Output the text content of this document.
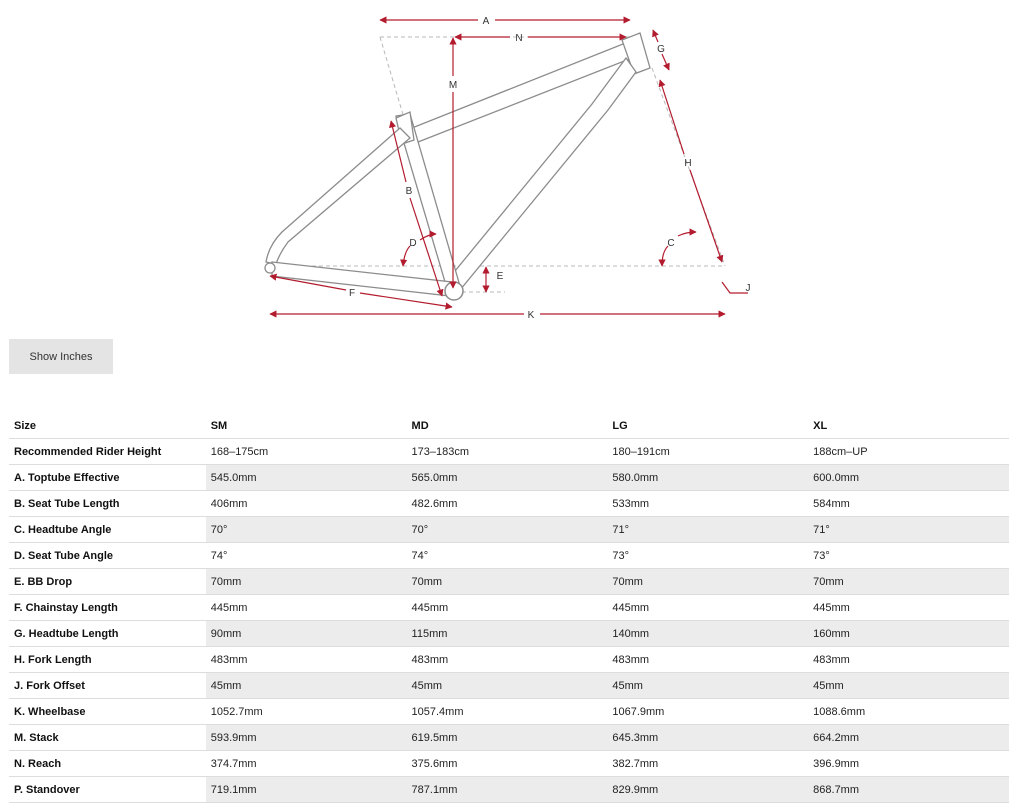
A
N
M
G
B
H
D	C
E
J
F
K
Show Inches
Size	SM	MD	LG	XL
Recommended Rider Height	168–175cm	173–183cm	180–191cm	188cm–UP
A. Toptube Effective	545.0mm	565.0mm	580.0mm	600.0mm
B. Seat Tube Length	406mm	482.6mm	533mm	584mm
C. Headtube Angle	70°	70°	71°	71°
D. Seat Tube Angle	74°	74°	73°	73°
E. BB Drop	70mm	70mm	70mm	70mm
F. Chainstay Length	445mm	445mm	445mm	445mm
G. Headtube Length	90mm	115mm	140mm	160mm
H. Fork Length	483mm	483mm	483mm	483mm
J. Fork Offset	45mm	45mm	45mm	45mm
K. Wheelbase	1052.7mm	1057.4mm	1067.9mm	1088.6mm
M. Stack	593.9mm	619.5mm	645.3mm	664.2mm
N. Reach	374.7mm	375.6mm	382.7mm	396.9mm
P. Standover	719.1mm	787.1mm	829.9mm	868.7mm
